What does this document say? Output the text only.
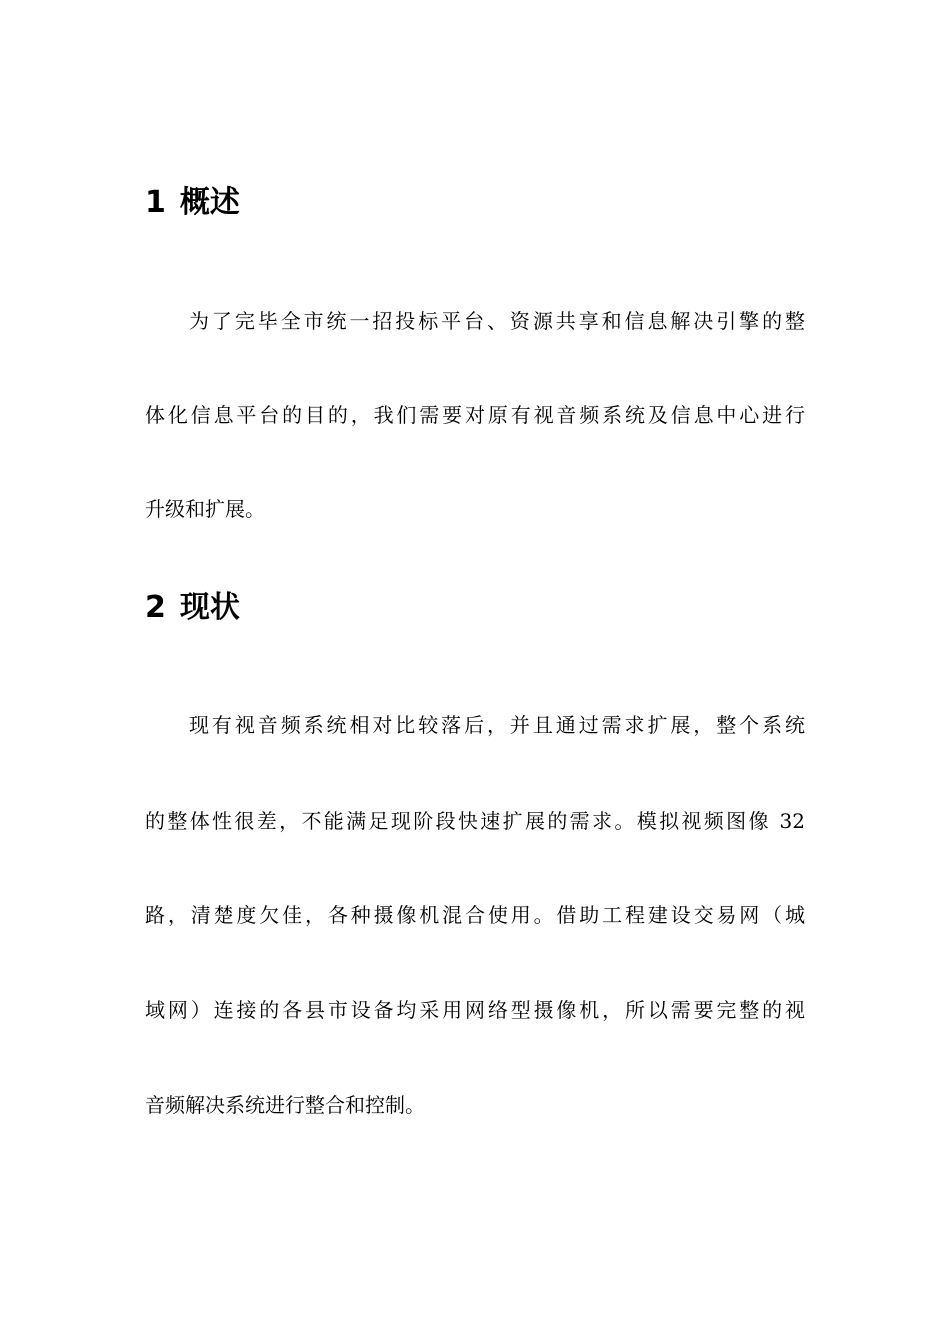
1 概述
为了完毕全市统一招投标平台、资源共享和信息解决引擎的整
体化信息平台的目的，我们需要对原有视音频系统及信息中心进行
升级和扩展。
2 现状
现有视音频系统相对比较落后，并且通过需求扩展，整个系统
的整体性很差，不能满足现阶段快速扩展的需求。模拟视频图像 32
路，清楚度欠佳，各种摄像机混合使用。借助工程建设交易网（城
域网）连接的各县市设备均采用网络型摄像机，所以需要完整的视
音频解决系统进行整合和控制。
